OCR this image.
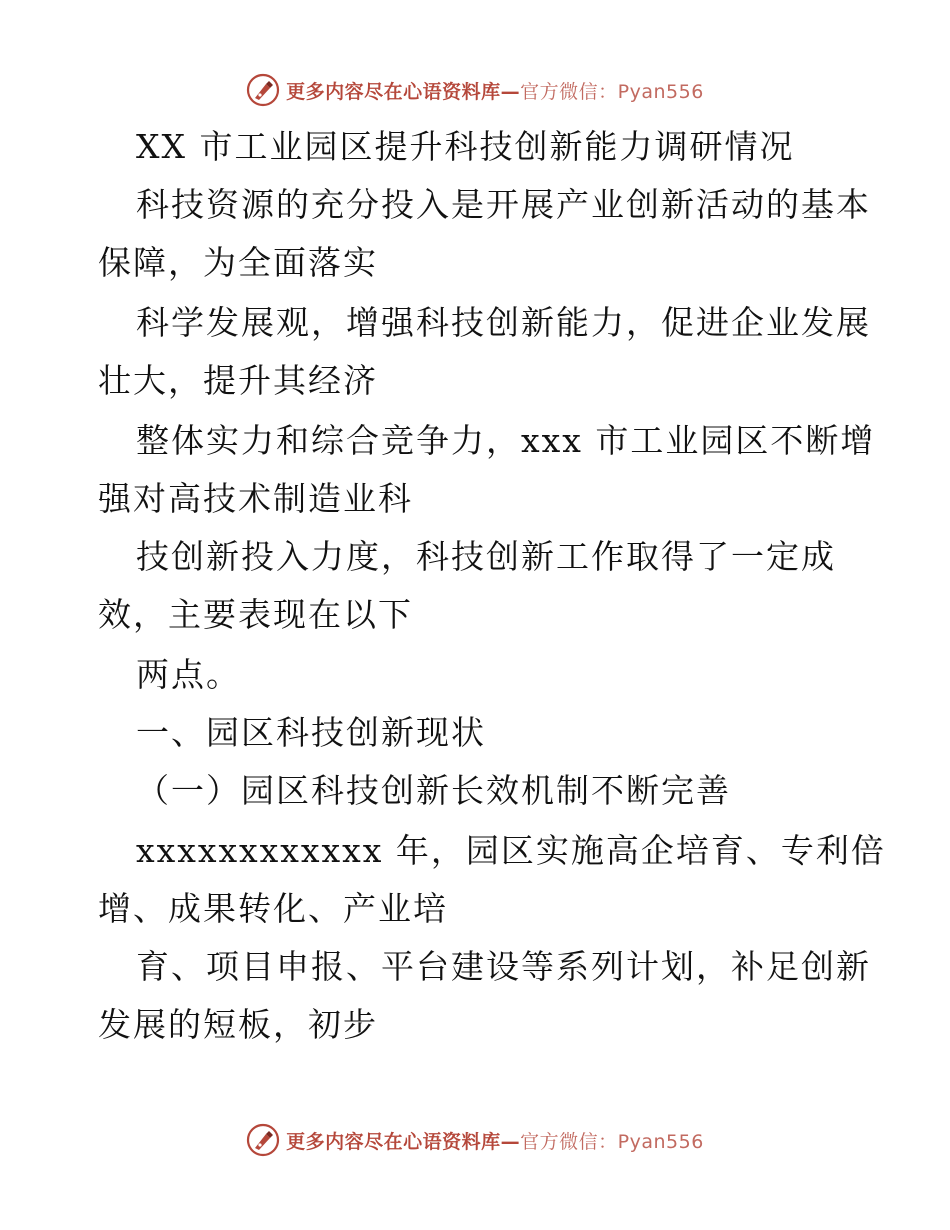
更多内容尽在心语资料库—官方微信：Pyan556
XX 市工业园区提升科技创新能力调研情况
科技资源的充分投入是开展产业创新活动的基本
保障，为全面落实
科学发展观，增强科技创新能力，促进企业发展
壮大，提升其经济
整体实力和综合竞争力，xxx 市工业园区不断增
强对高技术制造业科
技创新投入力度，科技创新工作取得了一定成
效，主要表现在以下
两点。
一、园区科技创新现状
（一）园区科技创新长效机制不断完善
xxxxxxxxxxxx 年，园区实施高企培育、专利倍
增、成果转化、产业培
育、项目申报、平台建设等系列计划，补足创新
发展的短板，初步
更多内容尽在心语资料库—官方微信：Pyan556
